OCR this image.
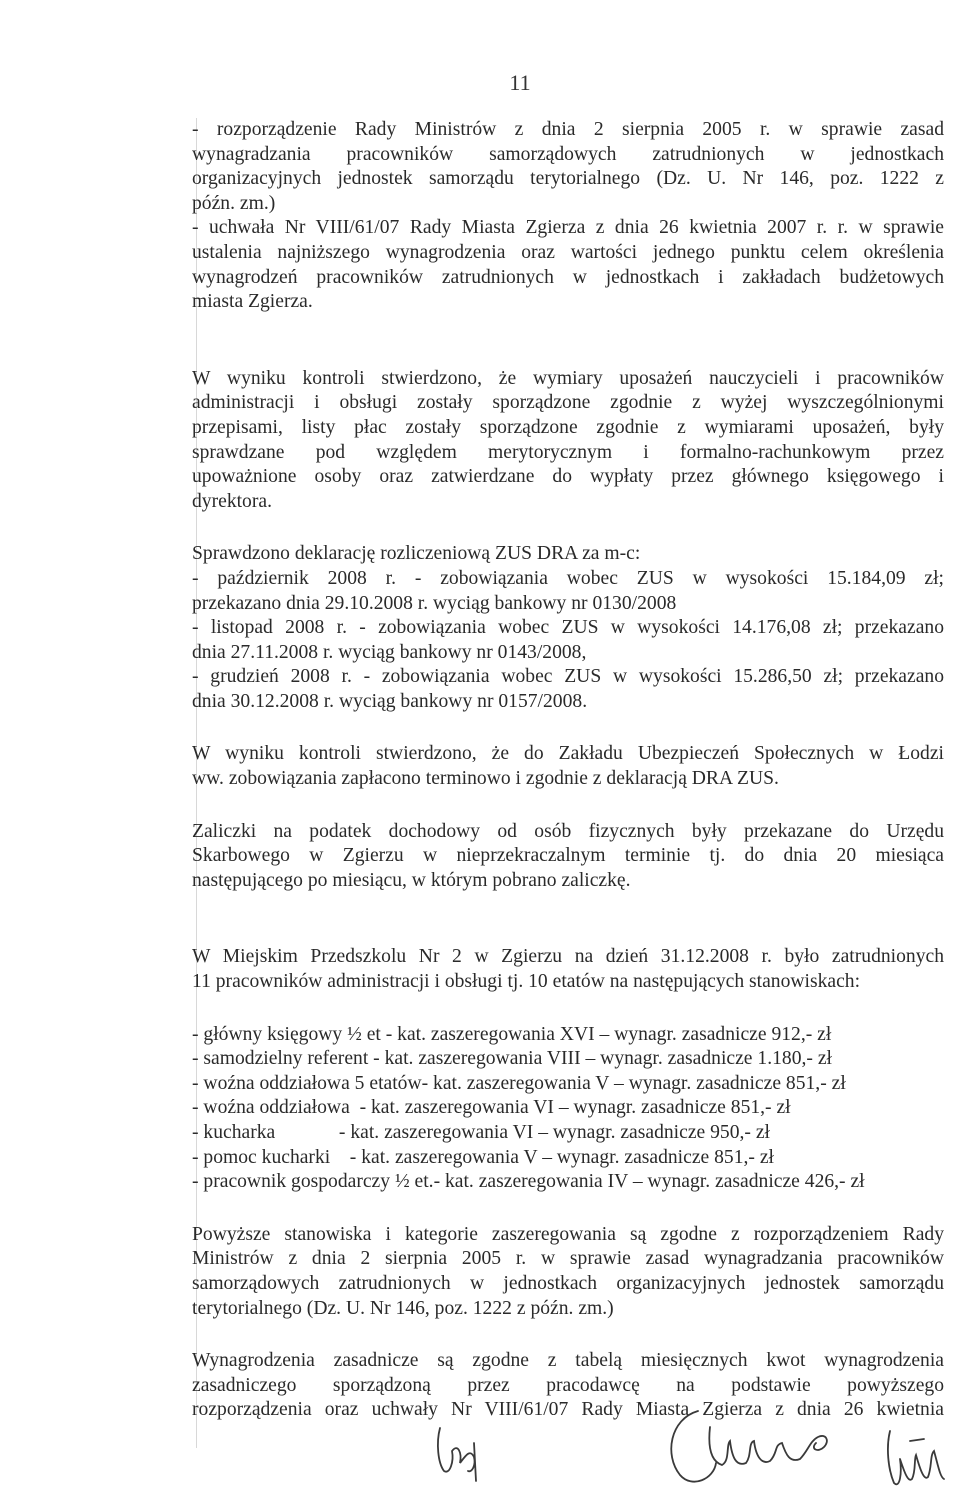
11
- rozporządzenie Rady Ministrów z dnia 2 sierpnia 2005 r. w sprawie zasad
wynagradzania pracowników samorządowych zatrudnionych w jednostkach
organizacyjnych jednostek samorządu terytorialnego (Dz. U. Nr 146, poz. 1222 z
późn. zm.)
- uchwała Nr VIII/61/07 Rady Miasta Zgierza z dnia 26 kwietnia 2007 r. r. w sprawie
ustalenia najniższego wynagrodzenia oraz wartości jednego punktu celem określenia
wynagrodzeń pracowników zatrudnionych w jednostkach i zakładach budżetowych
miasta Zgierza.
W wyniku kontroli stwierdzono, że wymiary uposażeń nauczycieli i pracowników
administracji i obsługi zostały sporządzone zgodnie z wyżej wyszczególnionymi
przepisami, listy płac zostały sporządzone zgodnie z wymiarami uposażeń, były
sprawdzane pod względem merytorycznym i formalno-rachunkowym przez
upoważnione osoby oraz zatwierdzane do wypłaty przez głównego księgowego i
dyrektora.
Sprawdzono deklarację rozliczeniową ZUS DRA za m-c:
- październik 2008 r. - zobowiązania wobec ZUS w wysokości 15.184,09 zł;
przekazano dnia 29.10.2008 r. wyciąg bankowy nr 0130/2008
- listopad 2008 r. - zobowiązania wobec ZUS w wysokości 14.176,08 zł; przekazano
dnia 27.11.2008 r. wyciąg bankowy nr 0143/2008,
- grudzień 2008 r. - zobowiązania wobec ZUS w wysokości 15.286,50 zł; przekazano
dnia 30.12.2008 r. wyciąg bankowy nr 0157/2008.
W wyniku kontroli stwierdzono, że do Zakładu Ubezpieczeń Społecznych w Łodzi
ww. zobowiązania zapłacono terminowo i zgodnie z deklaracją DRA ZUS.
Zaliczki na podatek dochodowy od osób fizycznych były przekazane do Urzędu
Skarbowego w Zgierzu w nieprzekraczalnym terminie tj. do dnia 20 miesiąca
następującego po miesiącu, w którym pobrano zaliczkę.
W Miejskim Przedszkolu Nr 2 w Zgierzu na dzień 31.12.2008 r. było zatrudnionych
11 pracowników administracji i obsługi tj. 10 etatów na następujących stanowiskach:
- główny księgowy ½ et - kat. zaszeregowania XVI – wynagr. zasadnicze 912,- zł
- samodzielny referent - kat. zaszeregowania VIII – wynagr. zasadnicze 1.180,- zł
- woźna oddziałowa 5 etatów- kat. zaszeregowania V – wynagr. zasadnicze 851,- zł
- woźna oddziałowa  - kat. zaszeregowania VI – wynagr. zasadnicze 851,- zł
- kucharka             - kat. zaszeregowania VI – wynagr. zasadnicze 950,- zł
- pomoc kucharki    - kat. zaszeregowania V – wynagr. zasadnicze 851,- zł
- pracownik gospodarczy ½ et.- kat. zaszeregowania IV – wynagr. zasadnicze 426,- zł
Powyższe stanowiska i kategorie zaszeregowania są zgodne z rozporządzeniem Rady
Ministrów z dnia 2 sierpnia 2005 r. w sprawie zasad wynagradzania pracowników
samorządowych zatrudnionych w jednostkach organizacyjnych jednostek samorządu
terytorialnego (Dz. U. Nr 146, poz. 1222 z późn. zm.)
Wynagrodzenia zasadnicze są zgodne z tabelą miesięcznych kwot wynagrodzenia
zasadniczego sporządzoną przez pracodawcę na podstawie powyższego
rozporządzenia oraz uchwały Nr VIII/61/07 Rady Miasta Zgierza z dnia 26 kwietnia
